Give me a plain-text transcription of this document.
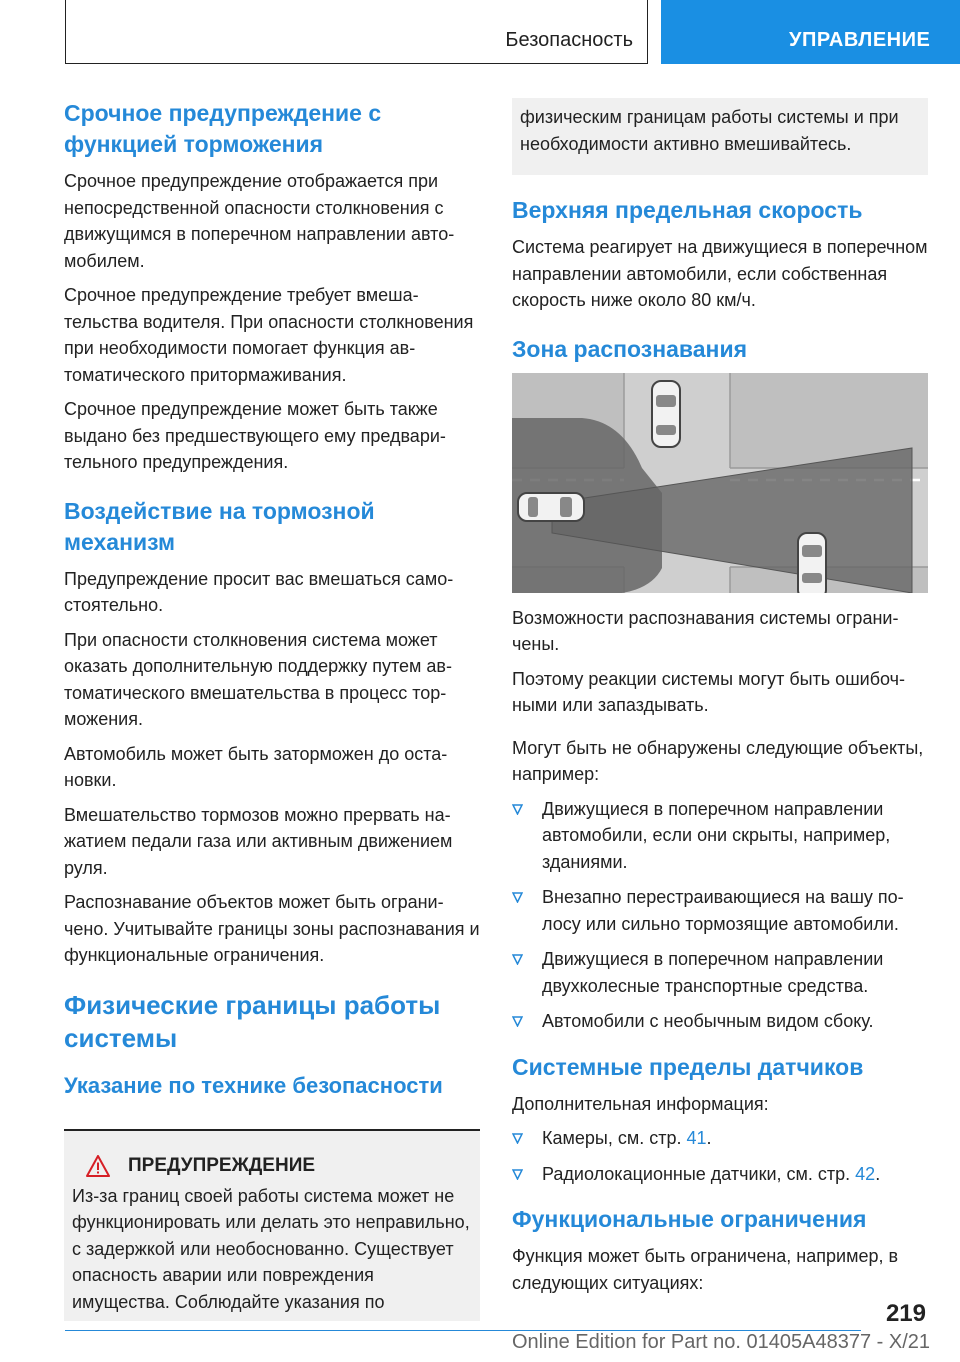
Безопасность	УПРАВЛЕНИЕ
Срочное предупреждение с функцией торможения

Срочное предупреждение отображается при непосредственной опасности столкновения с движущимся в поперечном направлении автомобилем.

Срочное предупреждение требует вмешательства водителя. При опасности столкновения при необходимости помогает функция автоматического притормаживания.

Срочное предупреждение может быть также выдано без предшествующего ему предварительного предупреждения.

Воздействие на тормозной механизм

Предупреждение просит вас вмешаться самостоятельно.

При опасности столкновения система может оказать дополнительную поддержку путем автоматического вмешательства в процесс торможения.

Автомобиль может быть заторможен до остановки.

Вмешательство тормозов можно прервать нажатием педали газа или активным движением руля.

Распознавание объектов может быть ограничено. Учитывайте границы зоны распознавания и функциональные ограничения.

Физические границы работы системы
Указание по технике безопасности
ПРЕДУПРЕЖДЕНИЕ

Из-за границ своей работы система может не функционировать или делать это неправильно, с задержкой или необоснованно. Существует опасность аварии или повреждения имущества. Соблюдайте указания по

физическим границам работы системы и при необходимости активно вмешивайтесь.
Верхняя предельная скорость

Система реагирует на движущиеся в поперечном направлении автомобили, если собственная скорость ниже около 80 км/ч.

Зона распознавания

Возможности распознавания системы ограничены.

Поэтому реакции системы могут быть ошибочными или запаздывать.

Могут быть не обнаружены следующие объекты, например:

Движущиеся в поперечном направлении автомобили, если они скрыты, например, зданиями.
Внезапно перестраивающиеся на вашу полосу или сильно тормозящие автомобили.
Движущиеся в поперечном направлении двухколесные транспортные средства.
Автомобили с необычным видом сбоку.
Системные пределы датчиков

Дополнительная информация:

Камеры, см. стр. 41.
Радиолокационные датчики, см. стр. 42.
Функциональные ограничения

Функция может быть ограничена, например, в следующих ситуациях:

219
Online Edition for Part no. 01405A48377 - X/21
